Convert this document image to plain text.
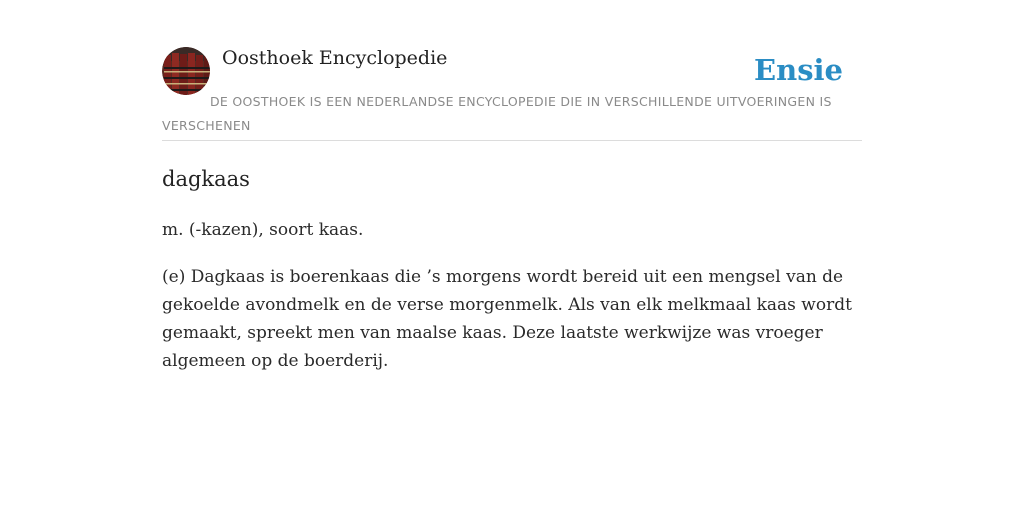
Oosthoek Encyclopedie	Ensie
DE OOSTHOEK IS EEN NEDERLANDSE ENCYCLOPEDIE DIE IN VERSCHILLENDE UITVOERINGEN IS VERSCHENEN
dagkaas

m. (-kazen), soort kaas.

(e) Dagkaas is boerenkaas die ’s morgens wordt bereid uit een mengsel van de gekoelde avondmelk en de verse morgenmelk. Als van elk melkmaal kaas wordt gemaakt, spreekt men van maalse kaas. Deze laatste werkwijze was vroeger algemeen op de boerderij.
